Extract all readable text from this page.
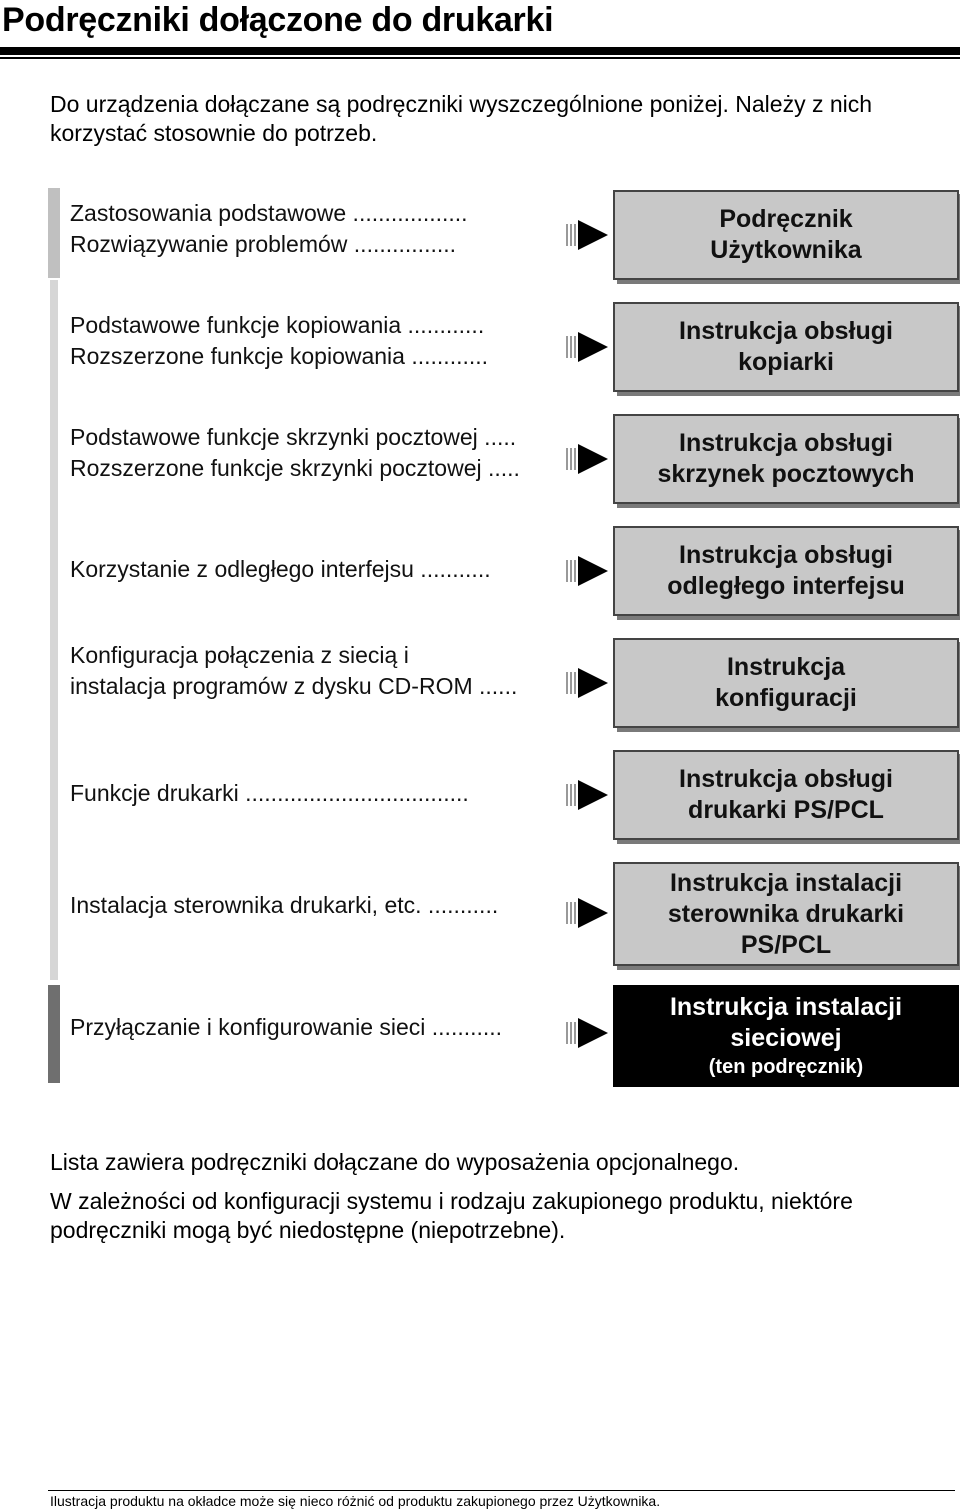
Podręczniki dołączone do drukarki
Do urządzenia dołączane są podręczniki wyszczególnione poniżej. Należy z nich korzystać stosownie do potrzeb.
Zastosowania podstawowe ..................
Rozwiązywanie problemów ................
Podręcznik
Użytkownika
Podstawowe funkcje kopiowania ............
Rozszerzone funkcje kopiowania ............
Instrukcja obsługi
kopiarki
Podstawowe funkcje skrzynki pocztowej .....
Rozszerzone funkcje skrzynki pocztowej .....
Instrukcja obsługi
skrzynek pocztowych
Korzystanie z odległego interfejsu ...........	Instrukcja obsługi
odległego interfejsu
Konfiguracja połączenia z siecią i
instalacja programów z dysku CD-ROM ......
Instrukcja
konfiguracji
Funkcje drukarki ...................................	Instrukcja obsługi
drukarki PS/PCL
Instalacja sterownika drukarki, etc. ...........
Instrukcja instalacji
sterownika drukarki
PS/PCL
Przyłączanie i konfigurowanie sieci ...........
Instrukcja instalacji
sieciowej
(ten podręcznik)

Lista zawiera podręczniki dołączane do wyposażenia opcjonalnego.

W zależności od konfiguracji systemu i rodzaju zakupionego produktu, niektóre podręczniki mogą być niedostępne (niepotrzebne).

Ilustracja produktu na okładce może się nieco różnić od produktu zakupionego przez Użytkownika.
